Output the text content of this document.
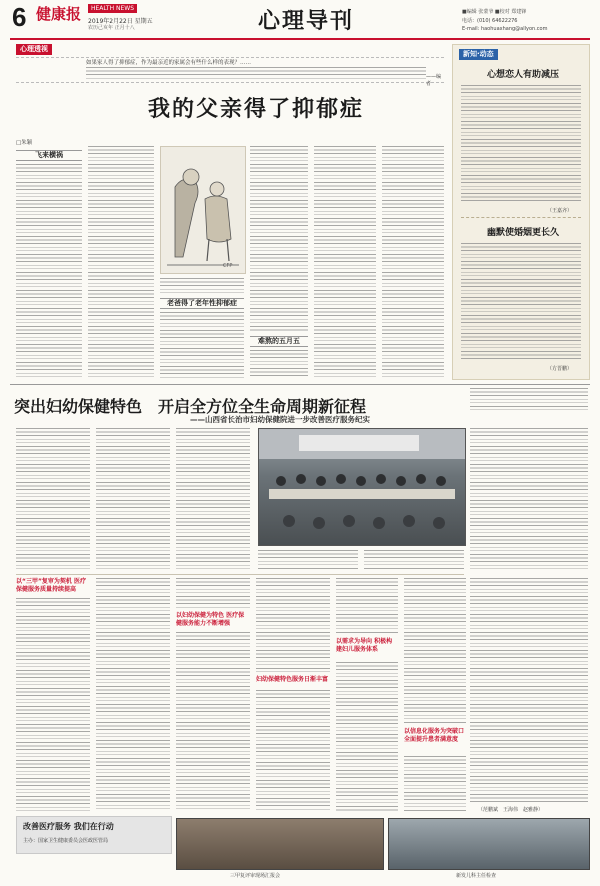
6 健康报	HEALTH NEWS
2019年2月22日 星期五
农历己亥年 正月十八	心理导刊	■编辑 张蒙爷 ■校对 郑建锋
电话：(010) 64622276
E-mail: haohuaxhang@allyon.com
心理透视
如果家人得了抑郁症，作为最亲近的家属会有些什么样的表现？……
——编者
我的父亲得了抑郁症
□朱颖
飞来横祸
CFP
老爸得了老年性抑郁症
难熬的五月五
新知·动态
心想恋人有助减压
（王嘉齐）
幽默使婚姻更长久
（方晋鹏）
突出妇幼保健特色　开启全方位全生命周期新征程
——山西省长治市妇幼保健院进一步改善医疗服务纪实
以“三甲”复审为契机 医疗保健服务质量持续提高
以妇幼保健为特色 医疗保健服务能力不断增强
妇幼保健特色服务日渐丰富
以需求为导向 积极构建妇儿服务体系
以信息化服务为突破口 全面提升患者满意度
（范鹏斌　王海伟　赵雅静）
改善医疗服务 我们在行动
主办：国家卫生健康委员会医政医管局
三甲复评审现场汇报会	新发儿科主任检查
